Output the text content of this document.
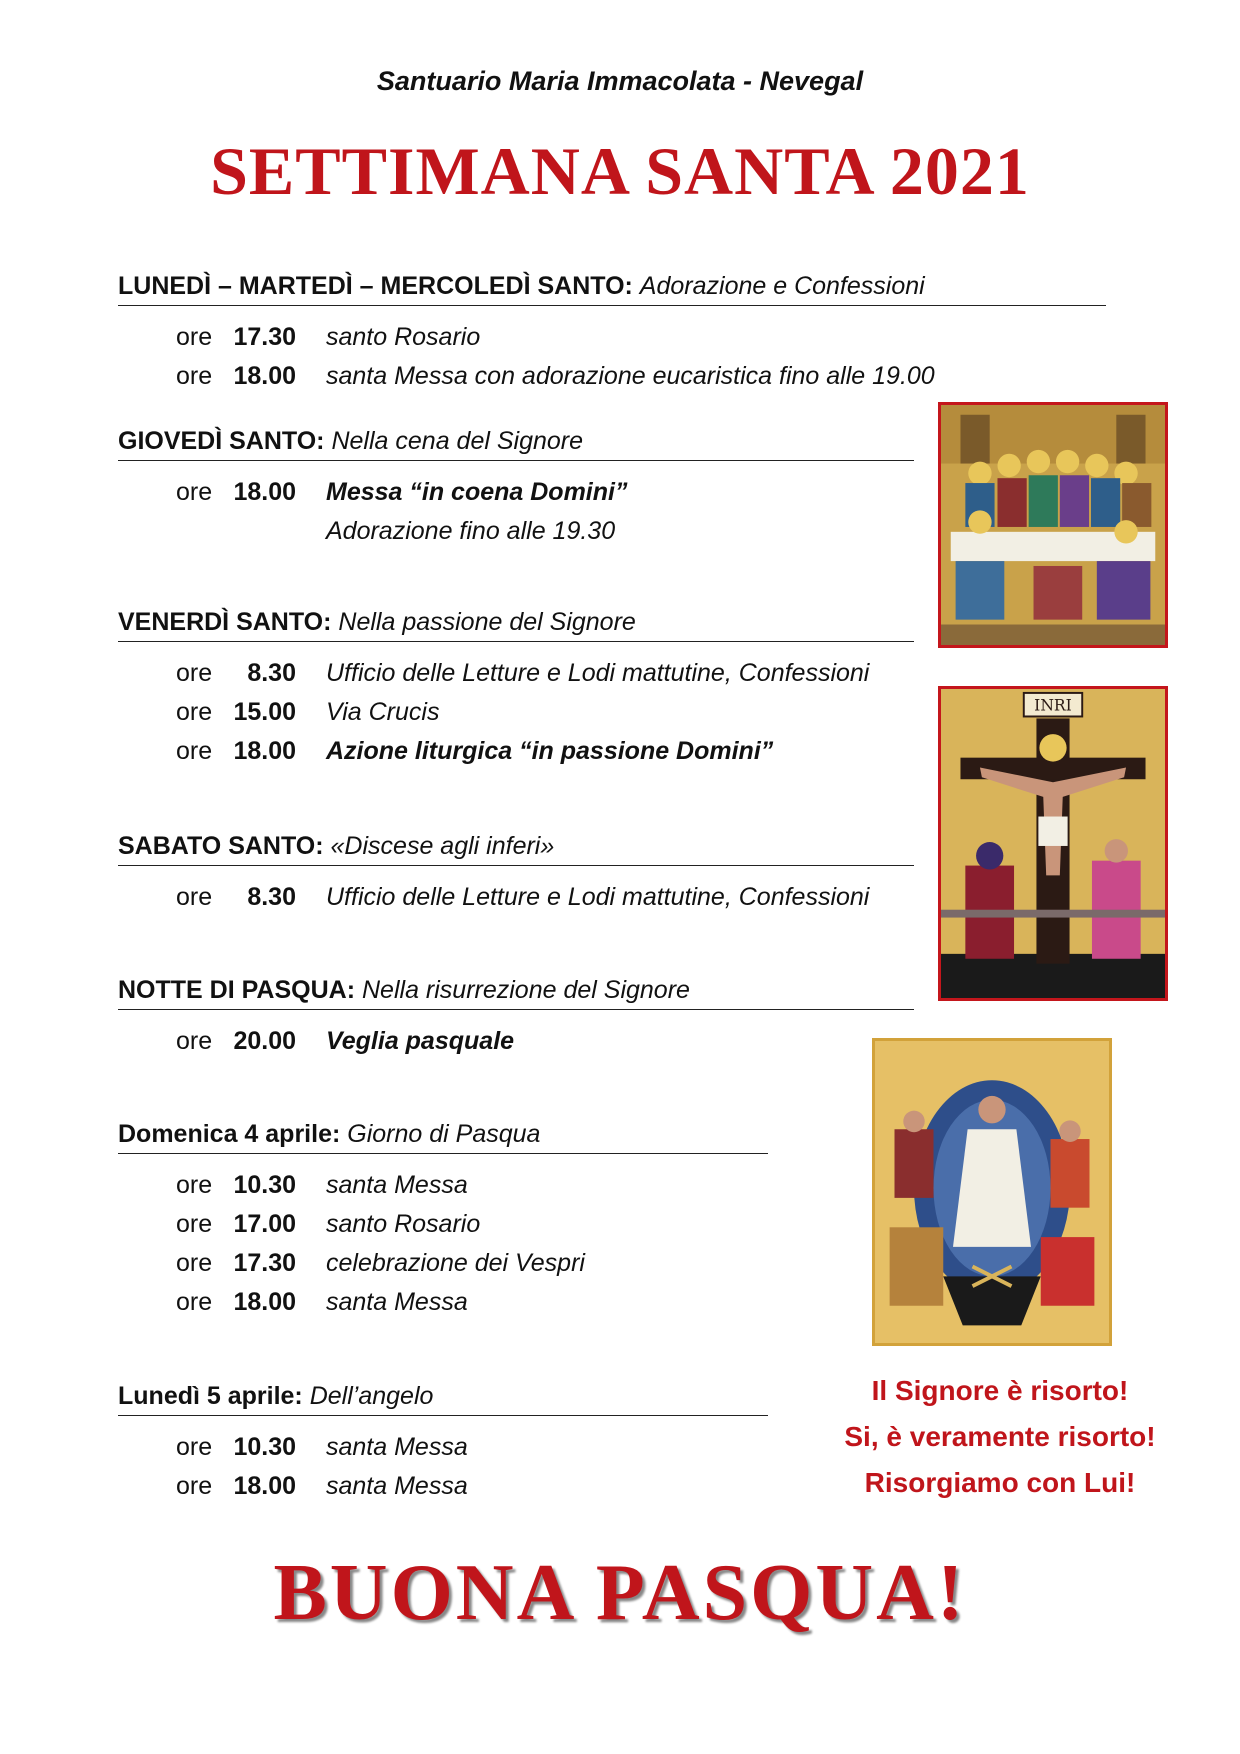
Santuario Maria Immacolata - Nevegal
SETTIMANA SANTA 2021
LUNEDÌ – MARTEDÌ – MERCOLEDÌ SANTO: Adorazione e Confessioni
ore 17.30 santo Rosario
ore 18.00 santa Messa con adorazione eucaristica fino alle 19.00
GIOVEDÌ SANTO: Nella cena del Signore
ore 18.00 Messa “in coena Domini”
Adorazione fino alle 19.30
VENERDÌ SANTO: Nella passione del Signore
ore	8.30 Ufficio delle Letture e Lodi mattutine, Confessioni
ore 15.00 Via Crucis
ore 18.00 Azione liturgica “in passione Domini”
SABATO SANTO: «Discese agli inferi»
ore	8.30 Ufficio delle Letture e Lodi mattutine, Confessioni
NOTTE DI PASQUA: Nella risurrezione del Signore
ore 20.00 Veglia pasquale
Domenica 4 aprile: Giorno di Pasqua
ore 10.30 santa Messa
ore 17.00 santo Rosario
ore 17.30 celebrazione dei Vespri
ore 18.00 santa Messa
Lunedì 5 aprile: Dell’angelo
ore 10.30 santa Messa
ore 18.00 santa Messa
INRI
Il Signore è risorto!
Si, è veramente risorto!
Risorgiamo con Lui!
BUONA PASQUA!
